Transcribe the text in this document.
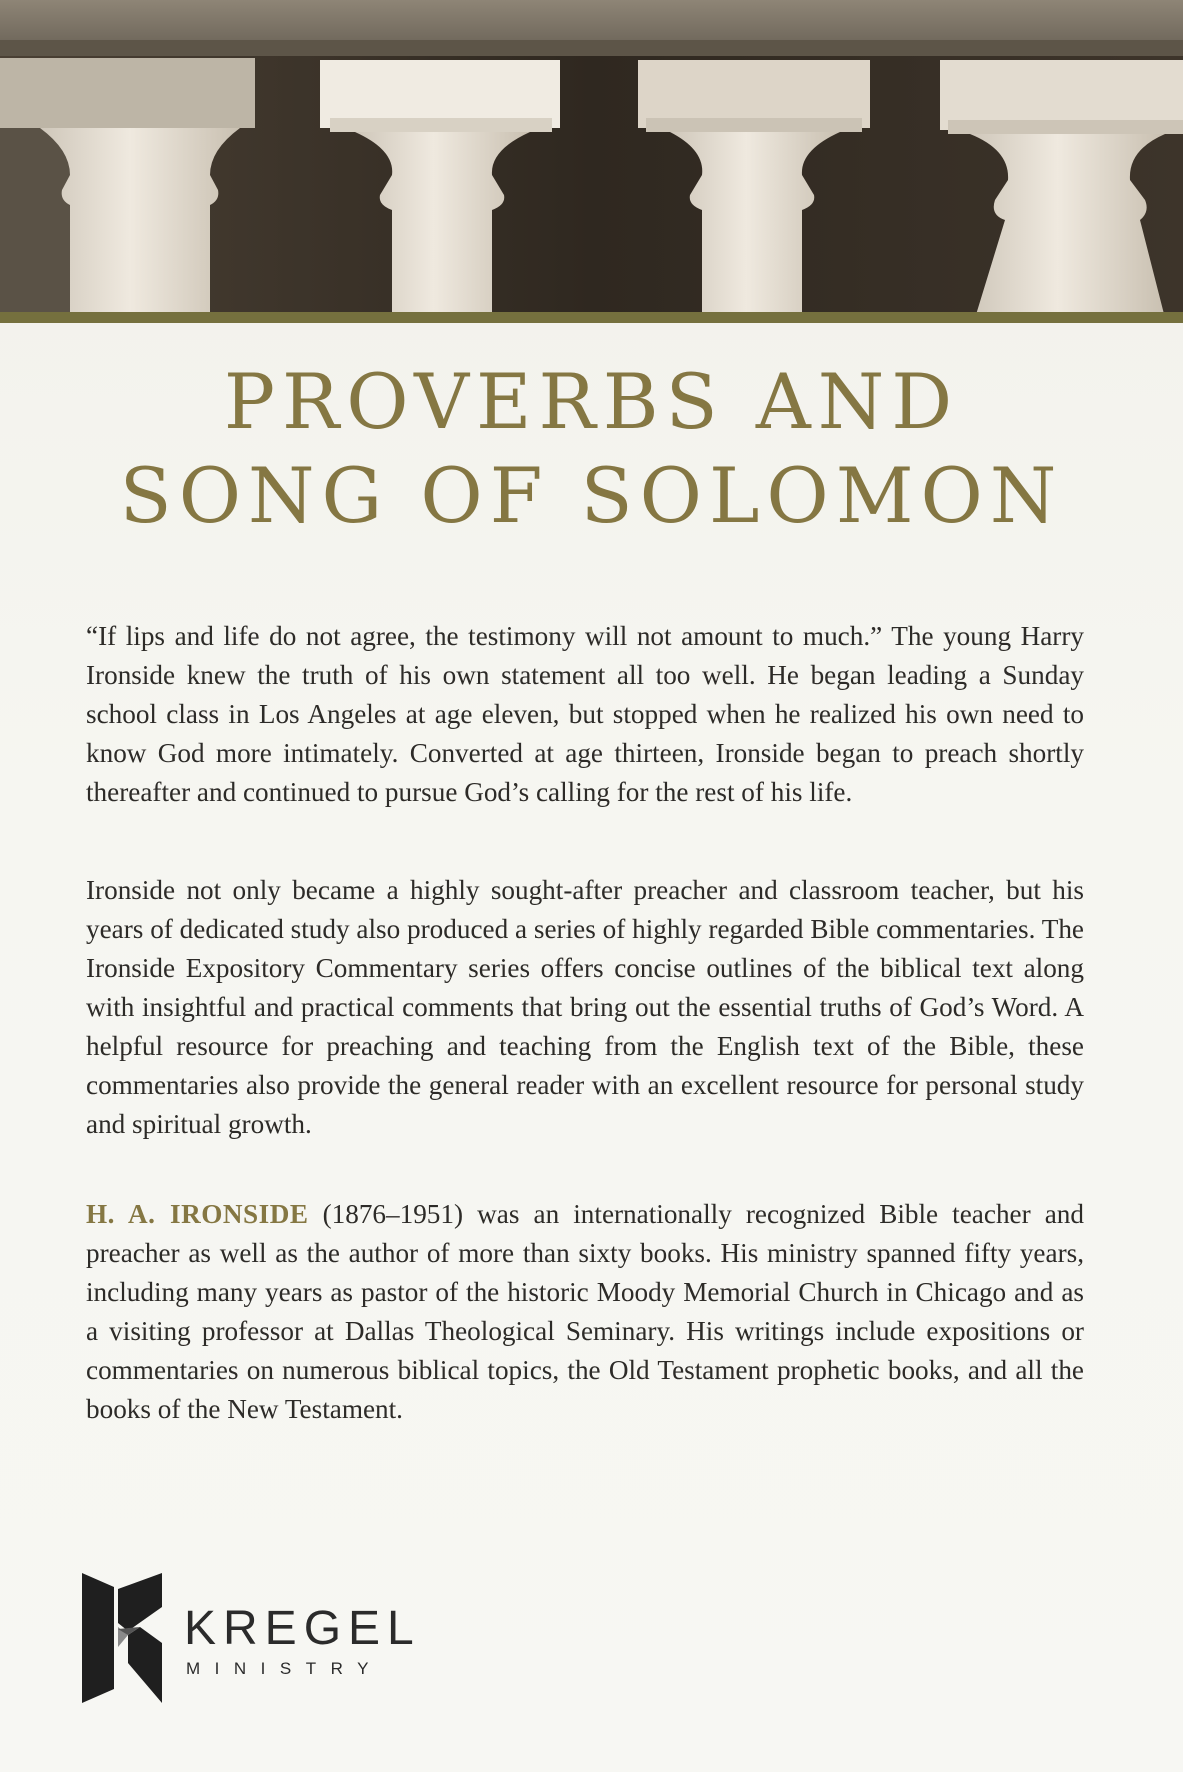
PROVERBS AND
SONG OF SOLOMON
“If lips and life do not agree, the testimony will not amount to much.” The young Harry Ironside knew the truth of his own statement all too well. He began leading a Sunday school class in Los Angeles at age eleven, but stopped when he realized his own need to know God more intimately. Converted at age thirteen, Ironside began to preach shortly thereafter and continued to pursue God’s calling for the rest of his life.
Ironside not only became a highly sought-after preacher and classroom teacher, but his years of dedicated study also produced a series of highly regarded Bible commentaries. The Ironside Expository Commentary series offers concise outlines of the biblical text along with insightful and practical comments that bring out the essential truths of God’s Word. A helpful resource for preaching and teaching from the English text of the Bible, these commentaries also provide the general reader with an excellent resource for personal study and spiritual growth.
H. A. IRONSIDE (1876–1951) was an internationally recognized Bible teacher and preacher as well as the author of more than sixty books. His ministry spanned fifty years, including many years as pastor of the historic Moody Memorial Church in Chicago and as a visiting professor at Dallas Theological Seminary. His writings include expositions or commentaries on numerous biblical topics, the Old Testament prophetic books, and all the books of the New Testament.
KREGEL
MINISTRY
